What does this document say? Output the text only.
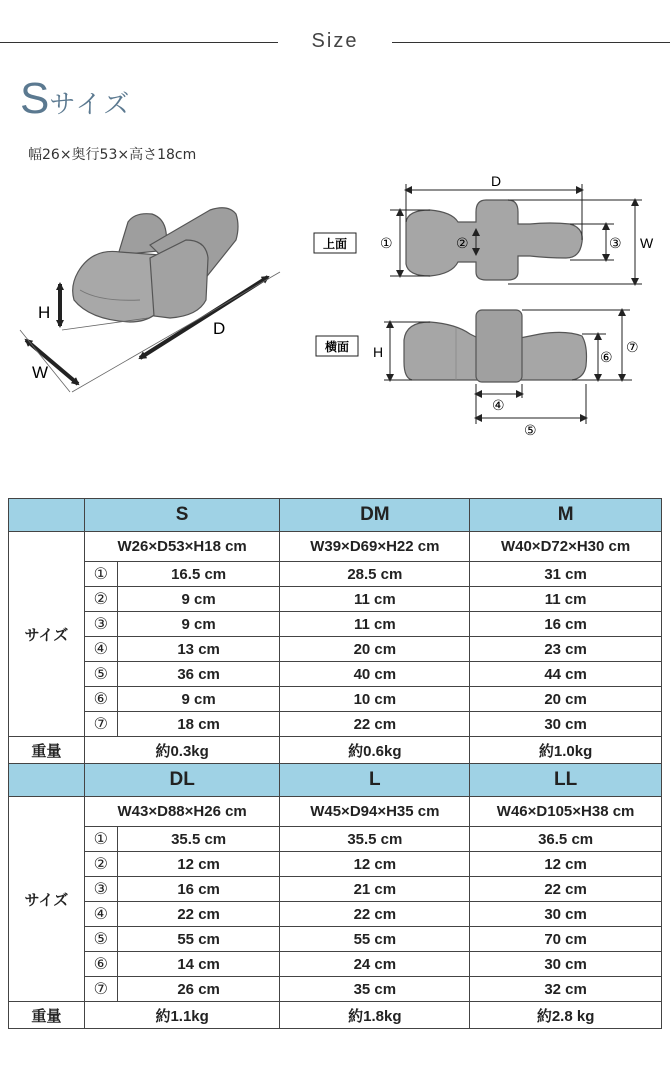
Size
Sサイズ
幅26×奥行53×高さ18cm
H
D
W
上面
D
W
①	②	③
横面 H
④
⑤
⑥
⑦
	S		DM	M
サイズ	W26×D53×H18 cm		W39×D69×H22 cm	W40×D72×H30 cm
	①	16.5 cm	28.5 cm	31 cm
	②	9 cm	11 cm	11 cm
	③	9 cm	11 cm	16 cm
	④	13 cm	20 cm	23 cm
	⑤	36 cm	40 cm	44 cm
	⑥	9 cm	10 cm	20 cm
	⑦	18 cm	22 cm	30 cm
重量	約0.3kg		約0.6kg	約1.0kg
	DL		L	LL
サイズ	W43×D88×H26 cm		W45×D94×H35 cm	W46×D105×H38 cm
	①	35.5 cm	35.5 cm	36.5 cm
	②	12 cm	12 cm	12 cm
	③	16 cm	21 cm	22 cm
	④	22 cm	22 cm	30 cm
	⑤	55 cm	55 cm	70 cm
	⑥	14 cm	24 cm	30 cm
	⑦	26 cm	35 cm	32 cm
重量	約1.1kg		約1.8kg	約2.8 kg
